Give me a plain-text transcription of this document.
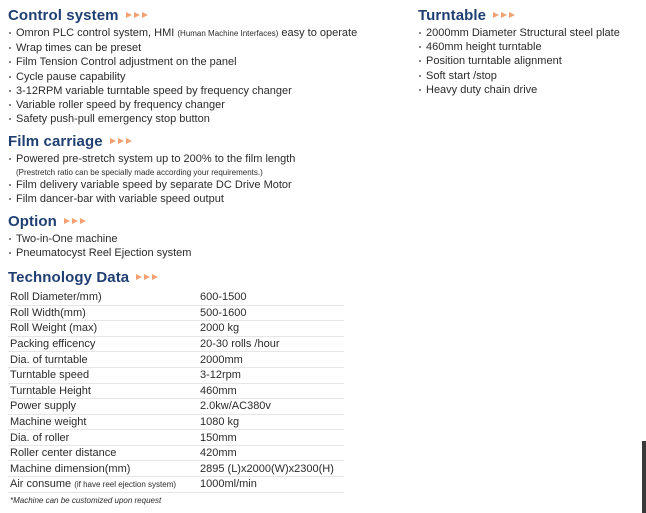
Control system
Omron PLC control system, HMI (Human Machine Interfaces) easy to operate
Wrap times can be preset
Film Tension Control adjustment on the panel
Cycle pause capability
3-12RPM variable turntable speed by frequency changer
Variable roller speed by frequency changer
Safety push-pull emergency stop button
Film carriage
Powered pre-stretch system up to 200% to the film length
(Prestretch ratio can be specially made according your requirements.)
Film delivery variable speed by separate DC Drive Motor
Film dancer-bar with variable speed output
Option
Two-in-One machine
Pneumatocyst Reel Ejection system
Technology Data
Roll Diameter/mm)	600-1500
Roll Width(mm)	500-1600
Roll Weight (max)	2000 kg
Packing efficency	20-30 rolls /hour
Dia. of turntable	2000mm
Turntable speed	3-12rpm
Turntable Height	460mm
Power supply	2.0kw/AC380v
Machine weight	1080 kg
Dia. of roller	150mm
Roller center distance	420mm
Machine dimension(mm)	2895 (L)x2000(W)x2300(H)
Air consume (if have reel ejection system)	1000ml/min
*Machine can be customized upon request
Turntable
2000mm Diameter Structural steel plate
460mm height turntable
Position turntable alignment
Soft start /stop
Heavy duty chain drive
